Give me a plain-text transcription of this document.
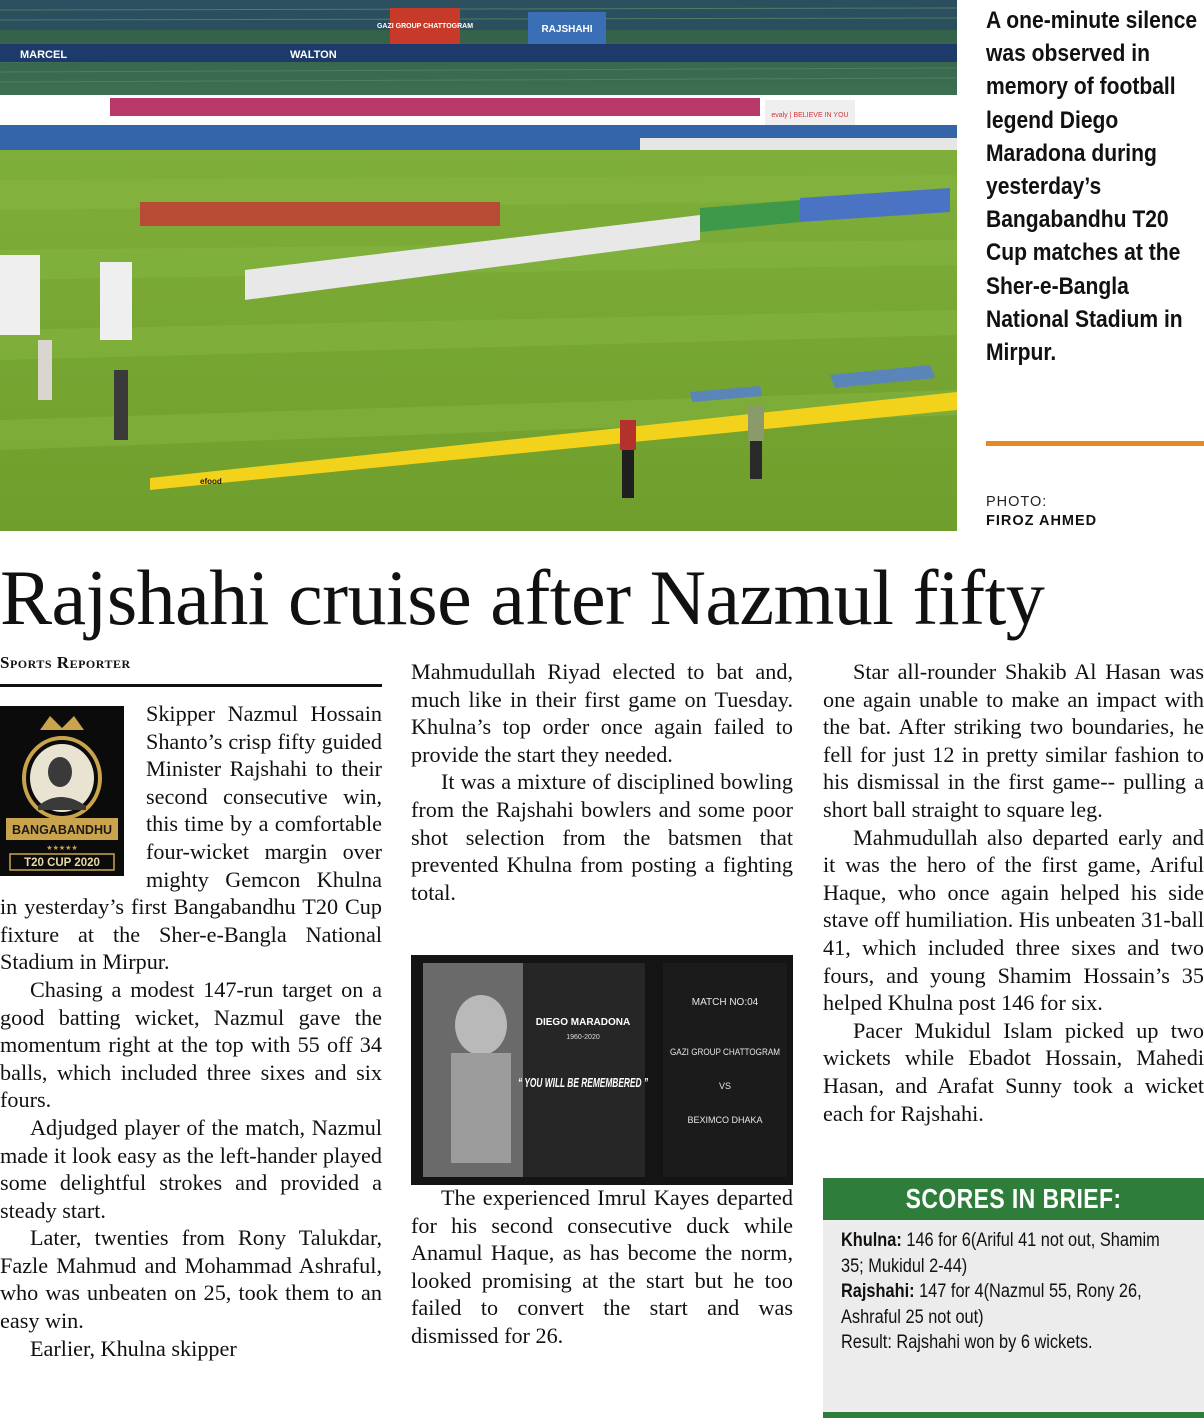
MARCEL	WALTON
GAZI GROUP CHATTOGRAM	RAJSHAHI
evaly | BELIEVE IN YOU
efood
A one-minute silence was observed in memory of football legend Diego Maradona during yesterday’s Bangabandhu T20 Cup matches at the Sher-e-Bangla National Stadium in Mirpur.
PHOTO:
FIROZ AHMED
Rajshahi cruise after Nazmul fifty
Sports Reporter
BANGABANDHU
★★★★★
T20 CUP 2020

Skipper Nazmul Hossain Shanto’s crisp fifty guided Minister Rajshahi to their second consecutive win, this time by a comfortable four-wicket margin over mighty Gemcon Khulna in yesterday’s first Bangabandhu T20 Cup fixture at the Sher-e-Bangla National Stadium in Mirpur.

Chasing a modest 147-run target on a good batting wicket, Nazmul gave the momentum right at the top with 55 off 34 balls, which included three sixes and six fours.

Adjudged player of the match, Nazmul made it look easy as the left-hander played some delightful strokes and provided a steady start.

Later, twenties from Rony Talukdar, Fazle Mahmud and Mohammad Ashraful, who was unbeaten on 25, took them to an easy win.

Earlier, Khulna skipper

Mahmudullah Riyad elected to bat and, much like in their first game on Tuesday. Khulna’s top order once again failed to provide the start they needed.

It was a mixture of disciplined bowling from the Rajshahi bowlers and some poor shot selection from the batsmen that prevented Khulna from posting a fighting total.

DIEGO MARADONA
1960-2020
“ YOU WILL BE REMEMBERED ”
MATCH NO:04
GAZI GROUP CHATTOGRAM
VS
BEXIMCO DHAKA

The experienced Imrul Kayes departed for his second consecutive duck while Anamul Haque, as has become the norm, looked promising at the start but he too failed to convert the start and was dismissed for 26.

Star all-rounder Shakib Al Hasan was one again unable to make an impact with the bat. After striking two boundaries, he fell for just 12 in pretty similar fashion to his dismissal in the first game-- pulling a short ball straight to square leg.

Mahmudullah also departed early and it was the hero of the first game, Ariful Haque, who once again helped his side stave off humiliation. His unbeaten 31-ball 41, which included three sixes and two fours, and young Shamim Hossain’s 35 helped Khulna post 146 for six.

Pacer Mukidul Islam picked up two wickets while Ebadot Hossain, Mahedi Hasan, and Arafat Sunny took a wicket each for Rajshahi.

SCORES IN BRIEF:
Khulna: 146 for 6(Ariful 41 not out, Shamim 35; Mukidul 2-44)
Rajshahi: 147 for 4(Nazmul 55, Rony 26, Ashraful 25 not out)
Result: Rajshahi won by 6 wickets.
